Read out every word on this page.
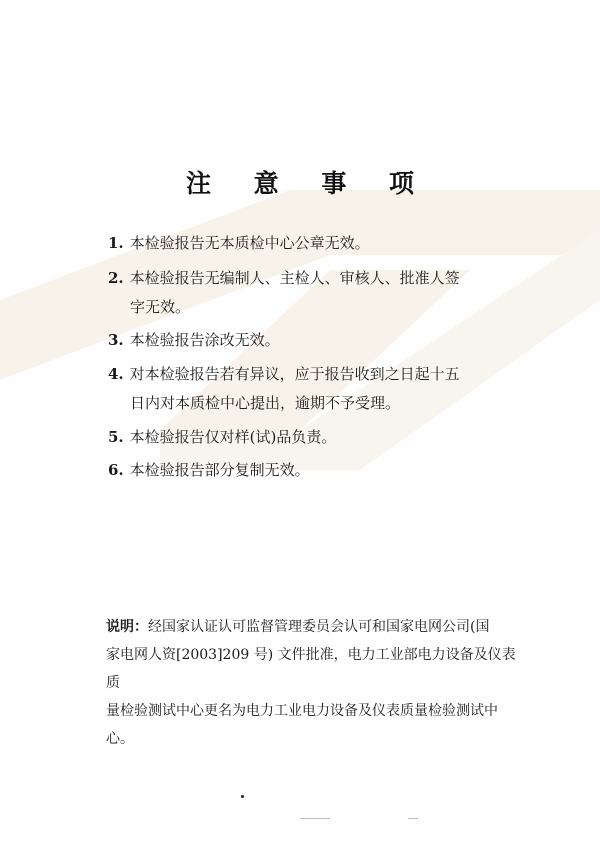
注 意 事 项
1. 本检验报告无本质检中心公章无效。
2. 本检验报告无编制人、主检人、审核人、批准人签
字无效。
3. 本检验报告涂改无效。
4. 对本检验报告若有异议，应于报告收到之日起十五
日内对本质检中心提出，逾期不予受理。
5. 本检验报告仅对样(试)品负责。
6. 本检验报告部分复制无效。
说明：经国家认证认可监督管理委员会认可和国家电网公司(国
家电网人资[2003]209 号) 文件批准，电力工业部电力设备及仪表质
量检验测试中心更名为电力工业电力设备及仪表质量检验测试中心。
